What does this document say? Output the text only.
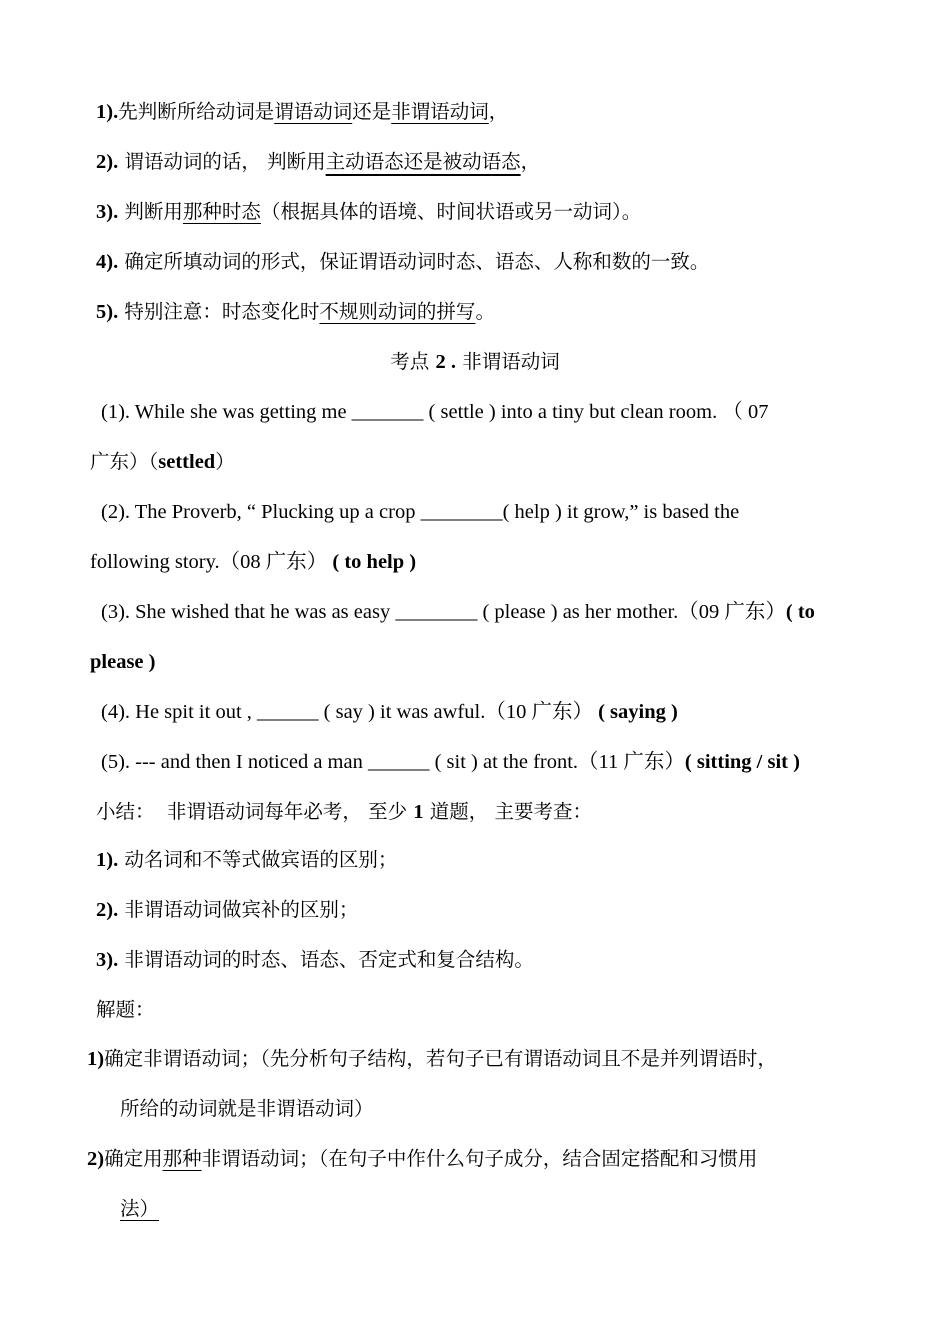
1).先判断所给动词是谓语动词还是非谓语动词，
2). 谓语动词的话， 判断用主动语态还是被动语态，
3). 判断用那种时态（根据具体的语境、时间状语或另一动词）。
4). 确定所填动词的形式，保证谓语动词时态、语态、人称和数的一致。
5). 特别注意：时态变化时不规则动词的拼写。
考点 2 . 非谓语动词
(1). While she was getting me _______ ( settle ) into a tiny but clean room. （ 07
广东）（settled）
(2). The Proverb, “ Plucking up a crop ________( help ) it grow,” is based the
following story.（08 广东） ( to help )
(3). She wished that he was as easy ________ ( please ) as her mother.（09 广东）( to
please )
(4). He spit it out , ______ ( say ) it was awful.（10 广东） ( saying )
(5). --- and then I noticed a man ______ ( sit ) at the front.（11 广东）( sitting / sit )
小结： 非谓语动词每年必考， 至少 1 道题， 主要考查：
1). 动名词和不等式做宾语的区别；
2). 非谓语动词做宾补的区别；
3). 非谓语动词的时态、语态、否定式和复合结构。
解题：
1)确定非谓语动词；（先分析句子结构，若句子已有谓语动词且不是并列谓语时，
所给的动词就是非谓语动词）
2)确定用那种非谓语动词；（在句子中作什么句子成分，结合固定搭配和习惯用
法）
